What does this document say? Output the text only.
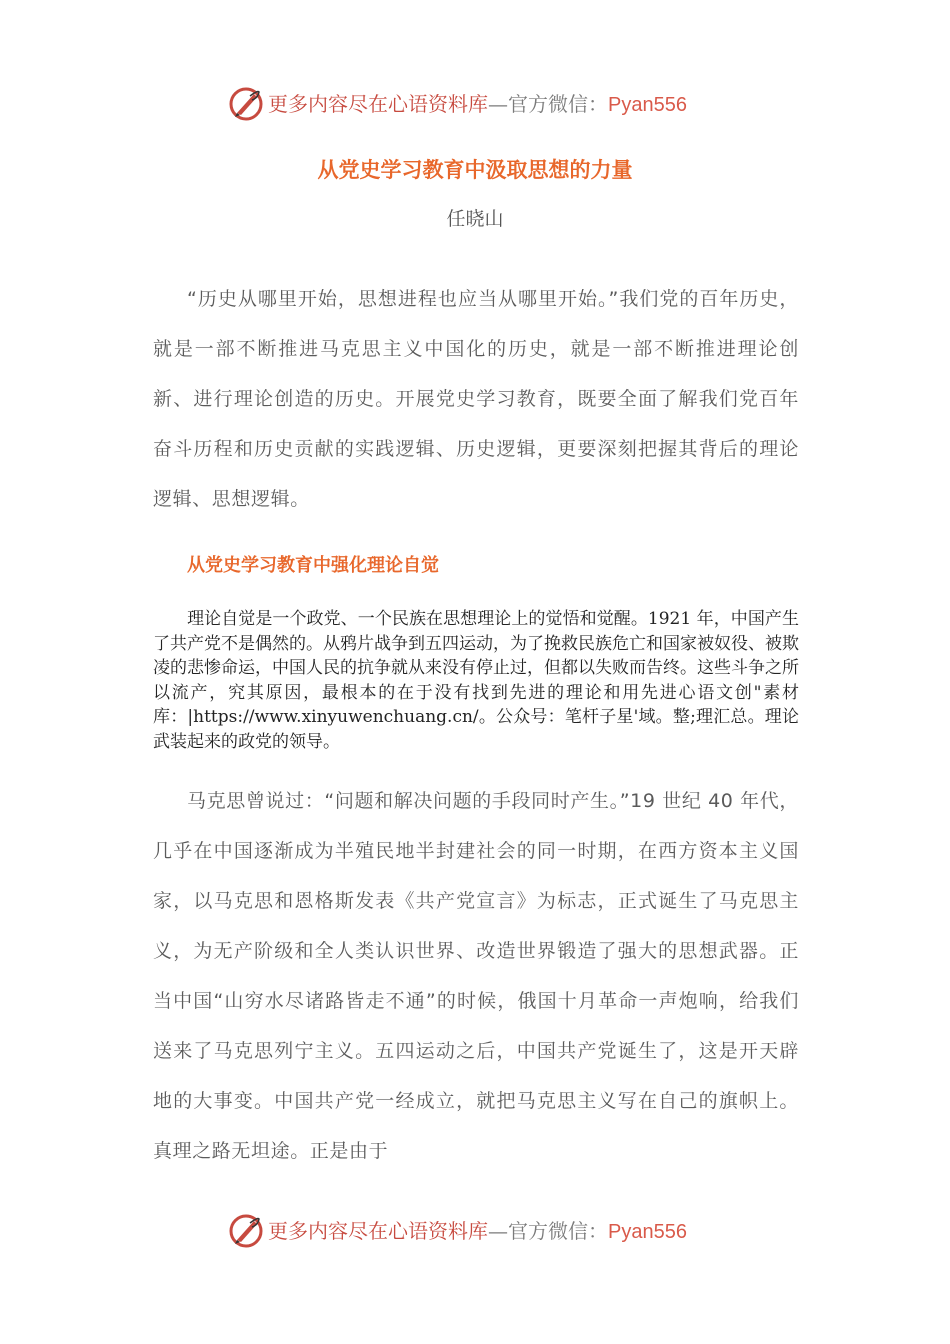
更多内容尽在心语资料库—官方微信：Pyan556
从党史学习教育中汲取思想的力量
任晓山

“历史从哪里开始，思想进程也应当从哪里开始。”我们党的百年历史，就是一部不断推进马克思主义中国化的历史，就是一部不断推进理论创新、进行理论创造的历史。开展党史学习教育，既要全面了解我们党百年奋斗历程和历史贡献的实践逻辑、历史逻辑，更要深刻把握其背后的理论逻辑、思想逻辑。

从党史学习教育中强化理论自觉

理论自觉是一个政党、一个民族在思想理论上的觉悟和觉醒。1921 年，中国产生了共产党不是偶然的。从鸦片战争到五四运动，为了挽救民族危亡和国家被奴役、被欺凌的悲惨命运，中国人民的抗争就从来没有停止过，但都以失败而告终。这些斗争之所以流产，究其原因，最根本的在于没有找到先进的理论和用先进心语文创"素材库：|https://www.xinyuwenchuang.cn/。公众号：笔杆子星'域。整;理汇总。理论武装起来的政党的领导。

马克思曾说过：“问题和解决问题的手段同时产生。”19 世纪 40 年代，几乎在中国逐渐成为半殖民地半封建社会的同一时期，在西方资本主义国家，以马克思和恩格斯发表《共产党宣言》为标志，正式诞生了马克思主义，为无产阶级和全人类认识世界、改造世界锻造了强大的思想武器。正当中国“山穷水尽诸路皆走不通”的时候，俄国十月革命一声炮响，给我们送来了马克思列宁主义。五四运动之后，中国共产党诞生了，这是开天辟地的大事变。中国共产党一经成立，就把马克思主义写在自己的旗帜上。真理之路无坦途。正是由于

更多内容尽在心语资料库—官方微信：Pyan556
